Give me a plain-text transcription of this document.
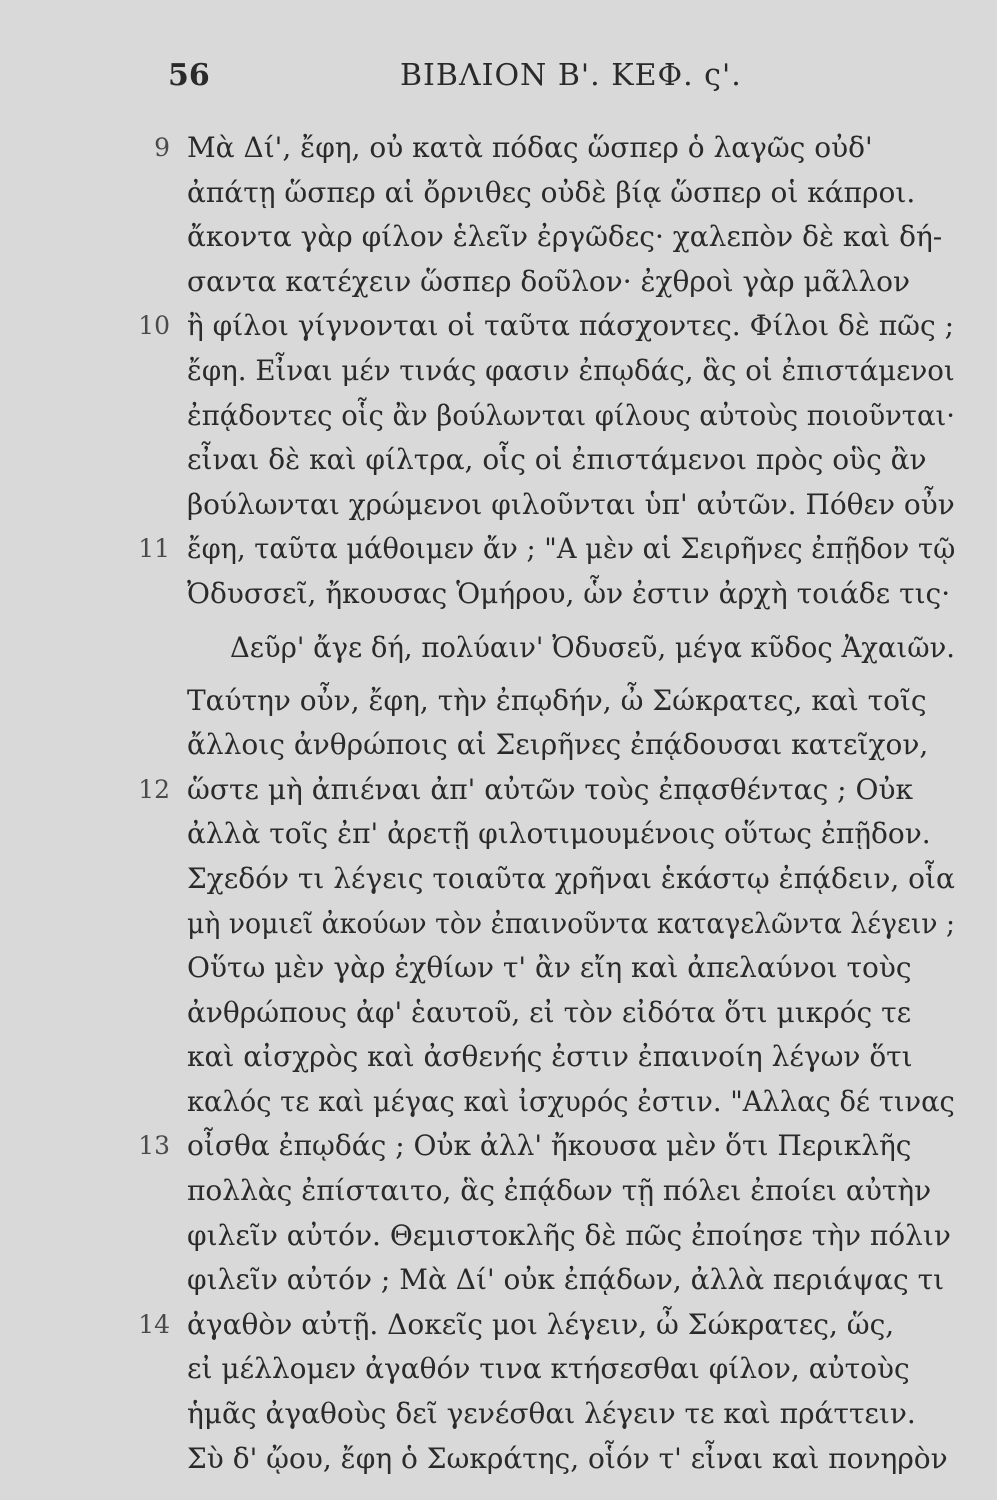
56	ΒΙΒΛΙΟΝ Β'. ΚΕΦ. ς'.
9 Μὰ Δί', ἔφη, οὐ κατὰ πόδας ὥσπερ ὁ λαγῶς οὐδ'
ἀπάτῃ ὥσπερ αἱ ὄρνιθες οὐδὲ βίᾳ ὥσπερ οἱ κάπροι.
ἄκοντα γὰρ φίλον ἑλεῖν ἐργῶδες· χαλεπὸν δὲ καὶ δή-
σαντα κατέχειν ὥσπερ δοῦλον· ἐχθροὶ γὰρ μᾶλλον
10 ἢ φίλοι γίγνονται οἱ ταῦτα πάσχοντες. Φίλοι δὲ πῶς ;
ἔφη. Εἶναι μέν τινάς φασιν ἐπῳδάς, ἃς οἱ ἐπιστάμενοι
ἐπᾴδοντες οἷς ἂν βούλωνται φίλους αὐτοὺς ποιοῦνται·
εἶναι δὲ καὶ φίλτρα, οἷς οἱ ἐπιστάμενοι πρὸς οὓς ἂν
βούλωνται χρώμενοι φιλοῦνται ὑπ' αὐτῶν. Πόθεν οὖν
11 ἔφη, ταῦτα μάθοιμεν ἄν ; "Α μὲν αἱ Σειρῆνες ἐπῇδον τῷ
Ὀδυσσεῖ, ἤκουσας Ὁμήρου, ὧν ἐστιν ἀρχὴ τοιάδε τις·
Δεῦρ' ἄγε δή, πολύαιν' Ὀδυσεῦ, μέγα κῦδος Ἀχαιῶν.
Ταύτην οὖν, ἔφη, τὴν ἐπῳδήν, ὦ Σώκρατες, καὶ τοῖς
ἄλλοις ἀνθρώποις αἱ Σειρῆνες ἐπᾴδουσαι κατεῖχον,
12 ὥστε μὴ ἀπιέναι ἀπ' αὐτῶν τοὺς ἐπᾳσθέντας ; Οὐκ
ἀλλὰ τοῖς ἐπ' ἀρετῇ φιλοτιμουμένοις οὕτως ἐπῇδον.
Σχεδόν τι λέγεις τοιαῦτα χρῆναι ἑκάστῳ ἐπᾴδειν, οἷα
μὴ νομιεῖ ἀκούων τὸν ἐπαινοῦντα καταγελῶντα λέγειν ;
Οὕτω μὲν γὰρ ἐχθίων τ' ἂν εἴη καὶ ἀπελαύνοι τοὺς
ἀνθρώπους ἀφ' ἑαυτοῦ, εἰ τὸν εἰδότα ὅτι μικρός τε
καὶ αἰσχρὸς καὶ ἀσθενής ἐστιν ἐπαινοίη λέγων ὅτι
καλός τε καὶ μέγας καὶ ἰσχυρός ἐστιν. "Αλλας δέ τινας
13 οἶσθα ἐπῳδάς ; Οὐκ ἀλλ' ἤκουσα μὲν ὅτι Περικλῆς
πολλὰς ἐπίσταιτο, ἃς ἐπᾴδων τῇ πόλει ἐποίει αὐτὴν
φιλεῖν αὐτόν. Θεμιστοκλῆς δὲ πῶς ἐποίησε τὴν πόλιν
φιλεῖν αὐτόν ; Μὰ Δί' οὐκ ἐπᾴδων, ἀλλὰ περιάψας τι
14 ἀγαθὸν αὐτῇ. Δοκεῖς μοι λέγειν, ὦ Σώκρατες, ὥς,
εἰ μέλλομεν ἀγαθόν τινα κτήσεσθαι φίλον, αὐτοὺς
ἡμᾶς ἀγαθοὺς δεῖ γενέσθαι λέγειν τε καὶ πράττειν.
Σὺ δ' ᾤου, ἔφη ὁ Σωκράτης, οἷόν τ' εἶναι καὶ πονηρὸν
